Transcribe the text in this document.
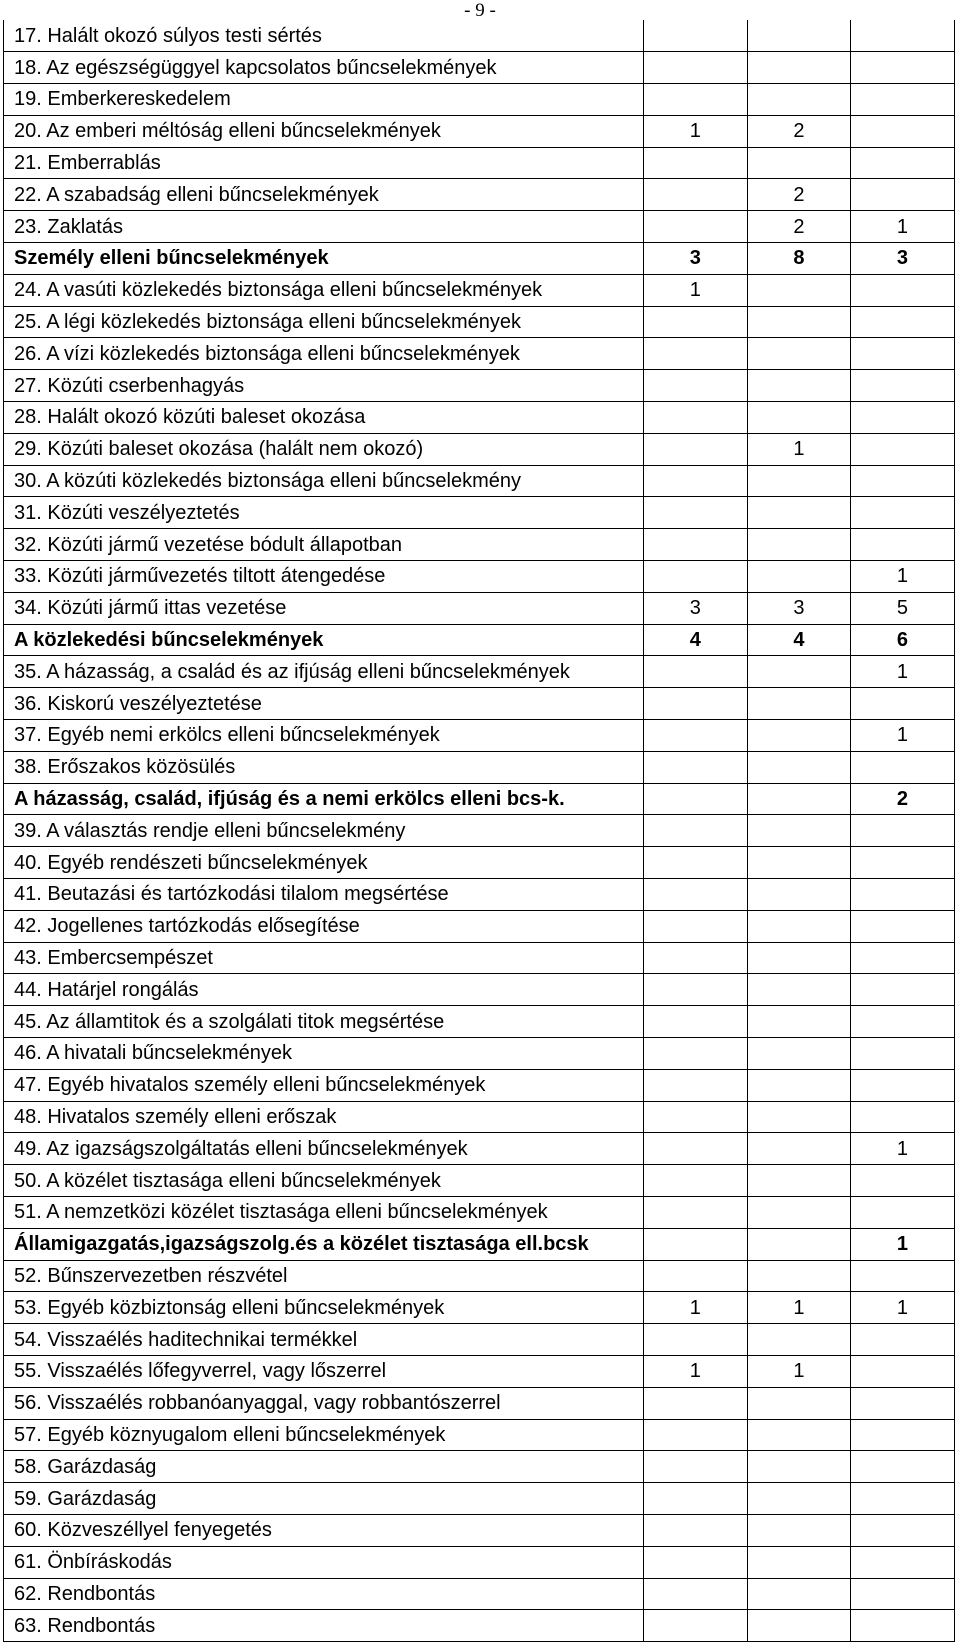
- 9 -
17. Halált okozó súlyos testi sértés			
18. Az egészségüggyel kapcsolatos bűncselekmények			
19. Emberkereskedelem			
20. Az emberi méltóság elleni bűncselekmények	1	2	
21. Emberrablás			
22. A szabadság elleni bűncselekmények		2	
23. Zaklatás		2	1
Személy elleni bűncselekmények	3	8	3
24. A vasúti közlekedés biztonsága elleni bűncselekmények	1		
25. A légi közlekedés biztonsága elleni bűncselekmények			
26. A vízi közlekedés biztonsága elleni bűncselekmények			
27. Közúti cserbenhagyás			
28. Halált okozó közúti baleset okozása			
29. Közúti baleset okozása (halált nem okozó)		1	
30. A közúti közlekedés biztonsága elleni bűncselekmény			
31. Közúti veszélyeztetés			
32. Közúti jármű vezetése bódult állapotban			
33. Közúti járművezetés tiltott átengedése			1
34. Közúti jármű ittas vezetése	3	3	5
A közlekedési bűncselekmények	4	4	6
35. A házasság, a család és az ifjúság elleni bűncselekmények			1
36. Kiskorú veszélyeztetése			
37. Egyéb nemi erkölcs elleni bűncselekmények			1
38. Erőszakos közösülés			
A házasság, család, ifjúság és a nemi erkölcs elleni bcs-k.			2
39. A választás rendje elleni bűncselekmény			
40. Egyéb rendészeti bűncselekmények			
41. Beutazási és tartózkodási tilalom megsértése			
42. Jogellenes tartózkodás elősegítése			
43. Embercsempészet			
44. Határjel rongálás			
45. Az államtitok és a szolgálati titok megsértése			
46. A hivatali bűncselekmények			
47. Egyéb hivatalos személy elleni bűncselekmények			
48. Hivatalos személy elleni erőszak			
49. Az igazságszolgáltatás elleni bűncselekmények			1
50. A közélet tisztasága elleni bűncselekmények			
51. A nemzetközi közélet tisztasága elleni bűncselekmények			
Államigazgatás,igazságszolg.és a közélet tisztasága ell.bcsk			1
52. Bűnszervezetben részvétel			
53. Egyéb közbiztonság elleni bűncselekmények	1	1	1
54. Visszaélés haditechnikai termékkel			
55. Visszaélés lőfegyverrel, vagy lőszerrel	1	1	
56. Visszaélés robbanóanyaggal, vagy robbantószerrel			
57. Egyéb köznyugalom elleni bűncselekmények			
58. Garázdaság			
59. Garázdaság			
60. Közveszéllyel fenyegetés			
61. Önbíráskodás			
62. Rendbontás			
63. Rendbontás			
